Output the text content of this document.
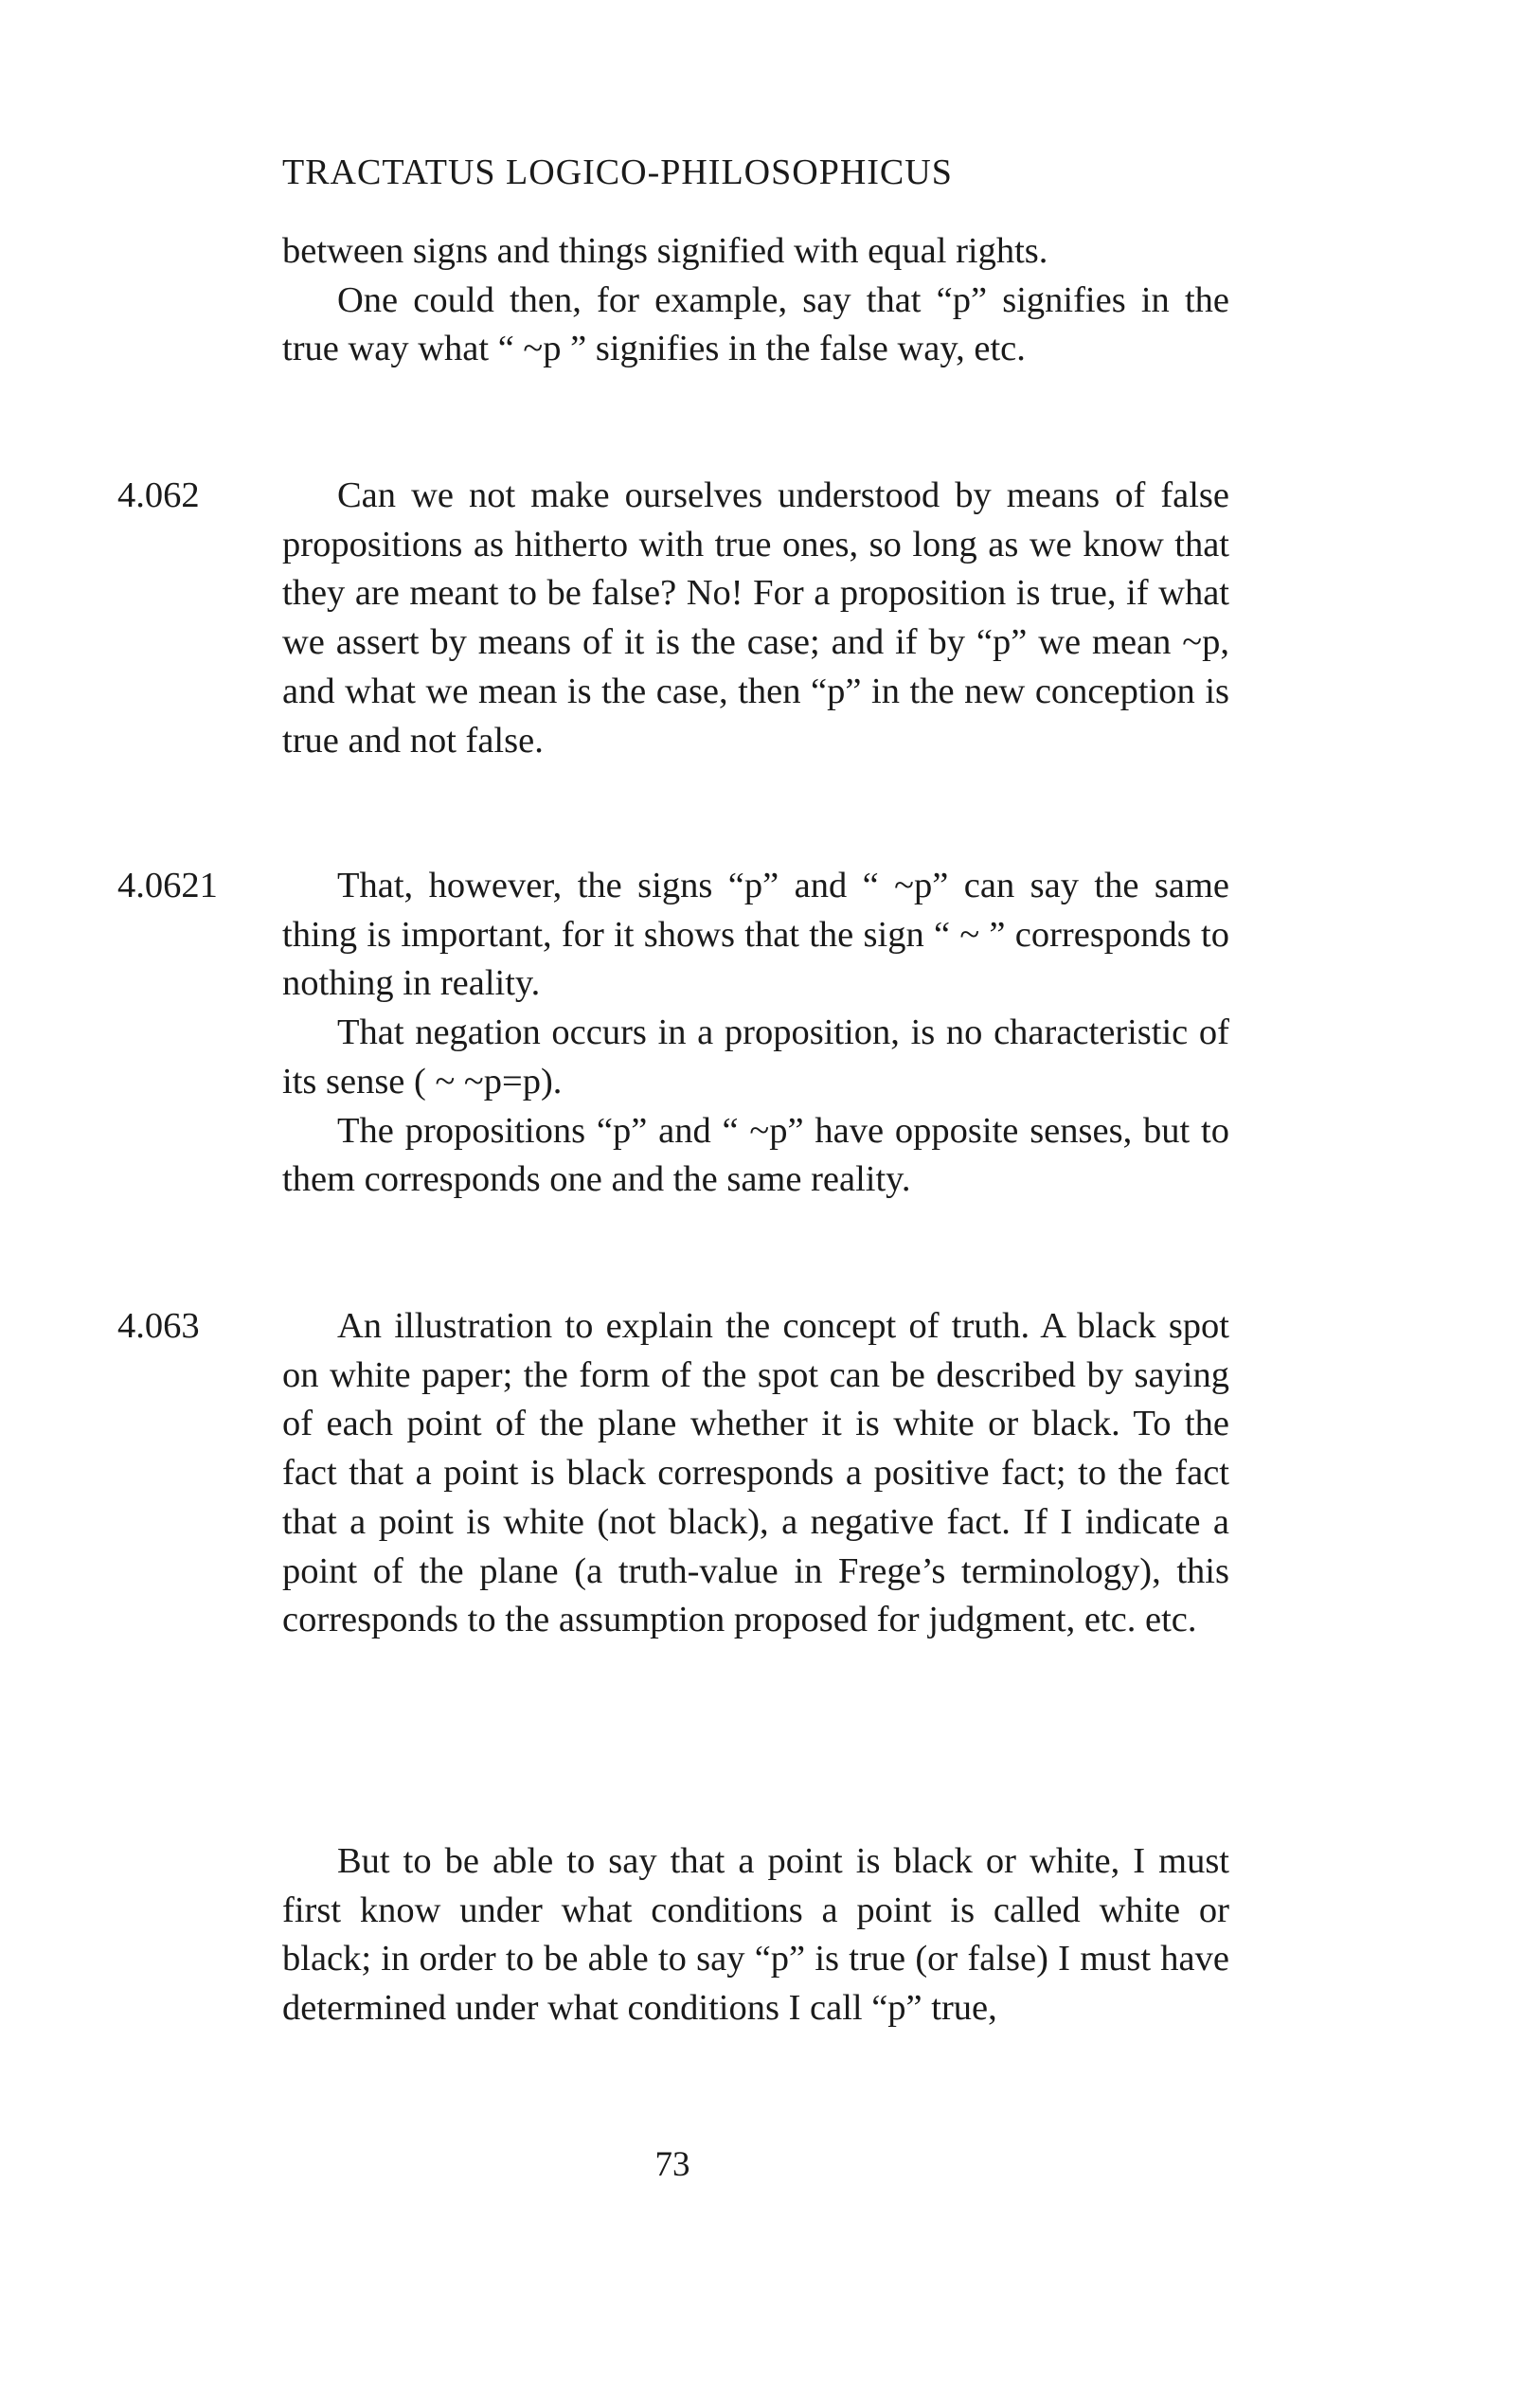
TRACTATUS LOGICO-PHILOSOPHICUS

between signs and things signified with equal rights.

One could then, for example, say that “p” signifies in the true way what “ ~p ” signifies in the false way, etc.

4.062	Can we not make ourselves understood by means of false propositions as hitherto with true ones, so long as we know that they are meant to be false? No! For a proposition is true, if what we assert by means of it is the case; and if by “p” we mean ~p, and what we mean is the case, then “p” in the new conception is true and not false.

4.0621	That, however, the signs “p” and “ ~p” can say the same thing is important, for it shows that the sign “ ~ ” corresponds to nothing in reality.

That negation occurs in a proposition, is no characteristic of its sense ( ~ ~p=p).

The propositions “p” and “ ~p” have opposite senses, but to them corresponds one and the same reality.

4.063	An illustration to explain the concept of truth. A black spot on white paper; the form of the spot can be described by saying of each point of the plane whether it is white or black. To the fact that a point is black corresponds a positive fact; to the fact that a point is white (not black), a negative fact. If I indicate a point of the plane (a truth-value in Frege’s terminology), this corresponds to the assumption proposed for judgment, etc. etc.

But to be able to say that a point is black or white, I must first know under what conditions a point is called white or black; in order to be able to say “p” is true (or false) I must have determined under what conditions I call “p” true,

73
